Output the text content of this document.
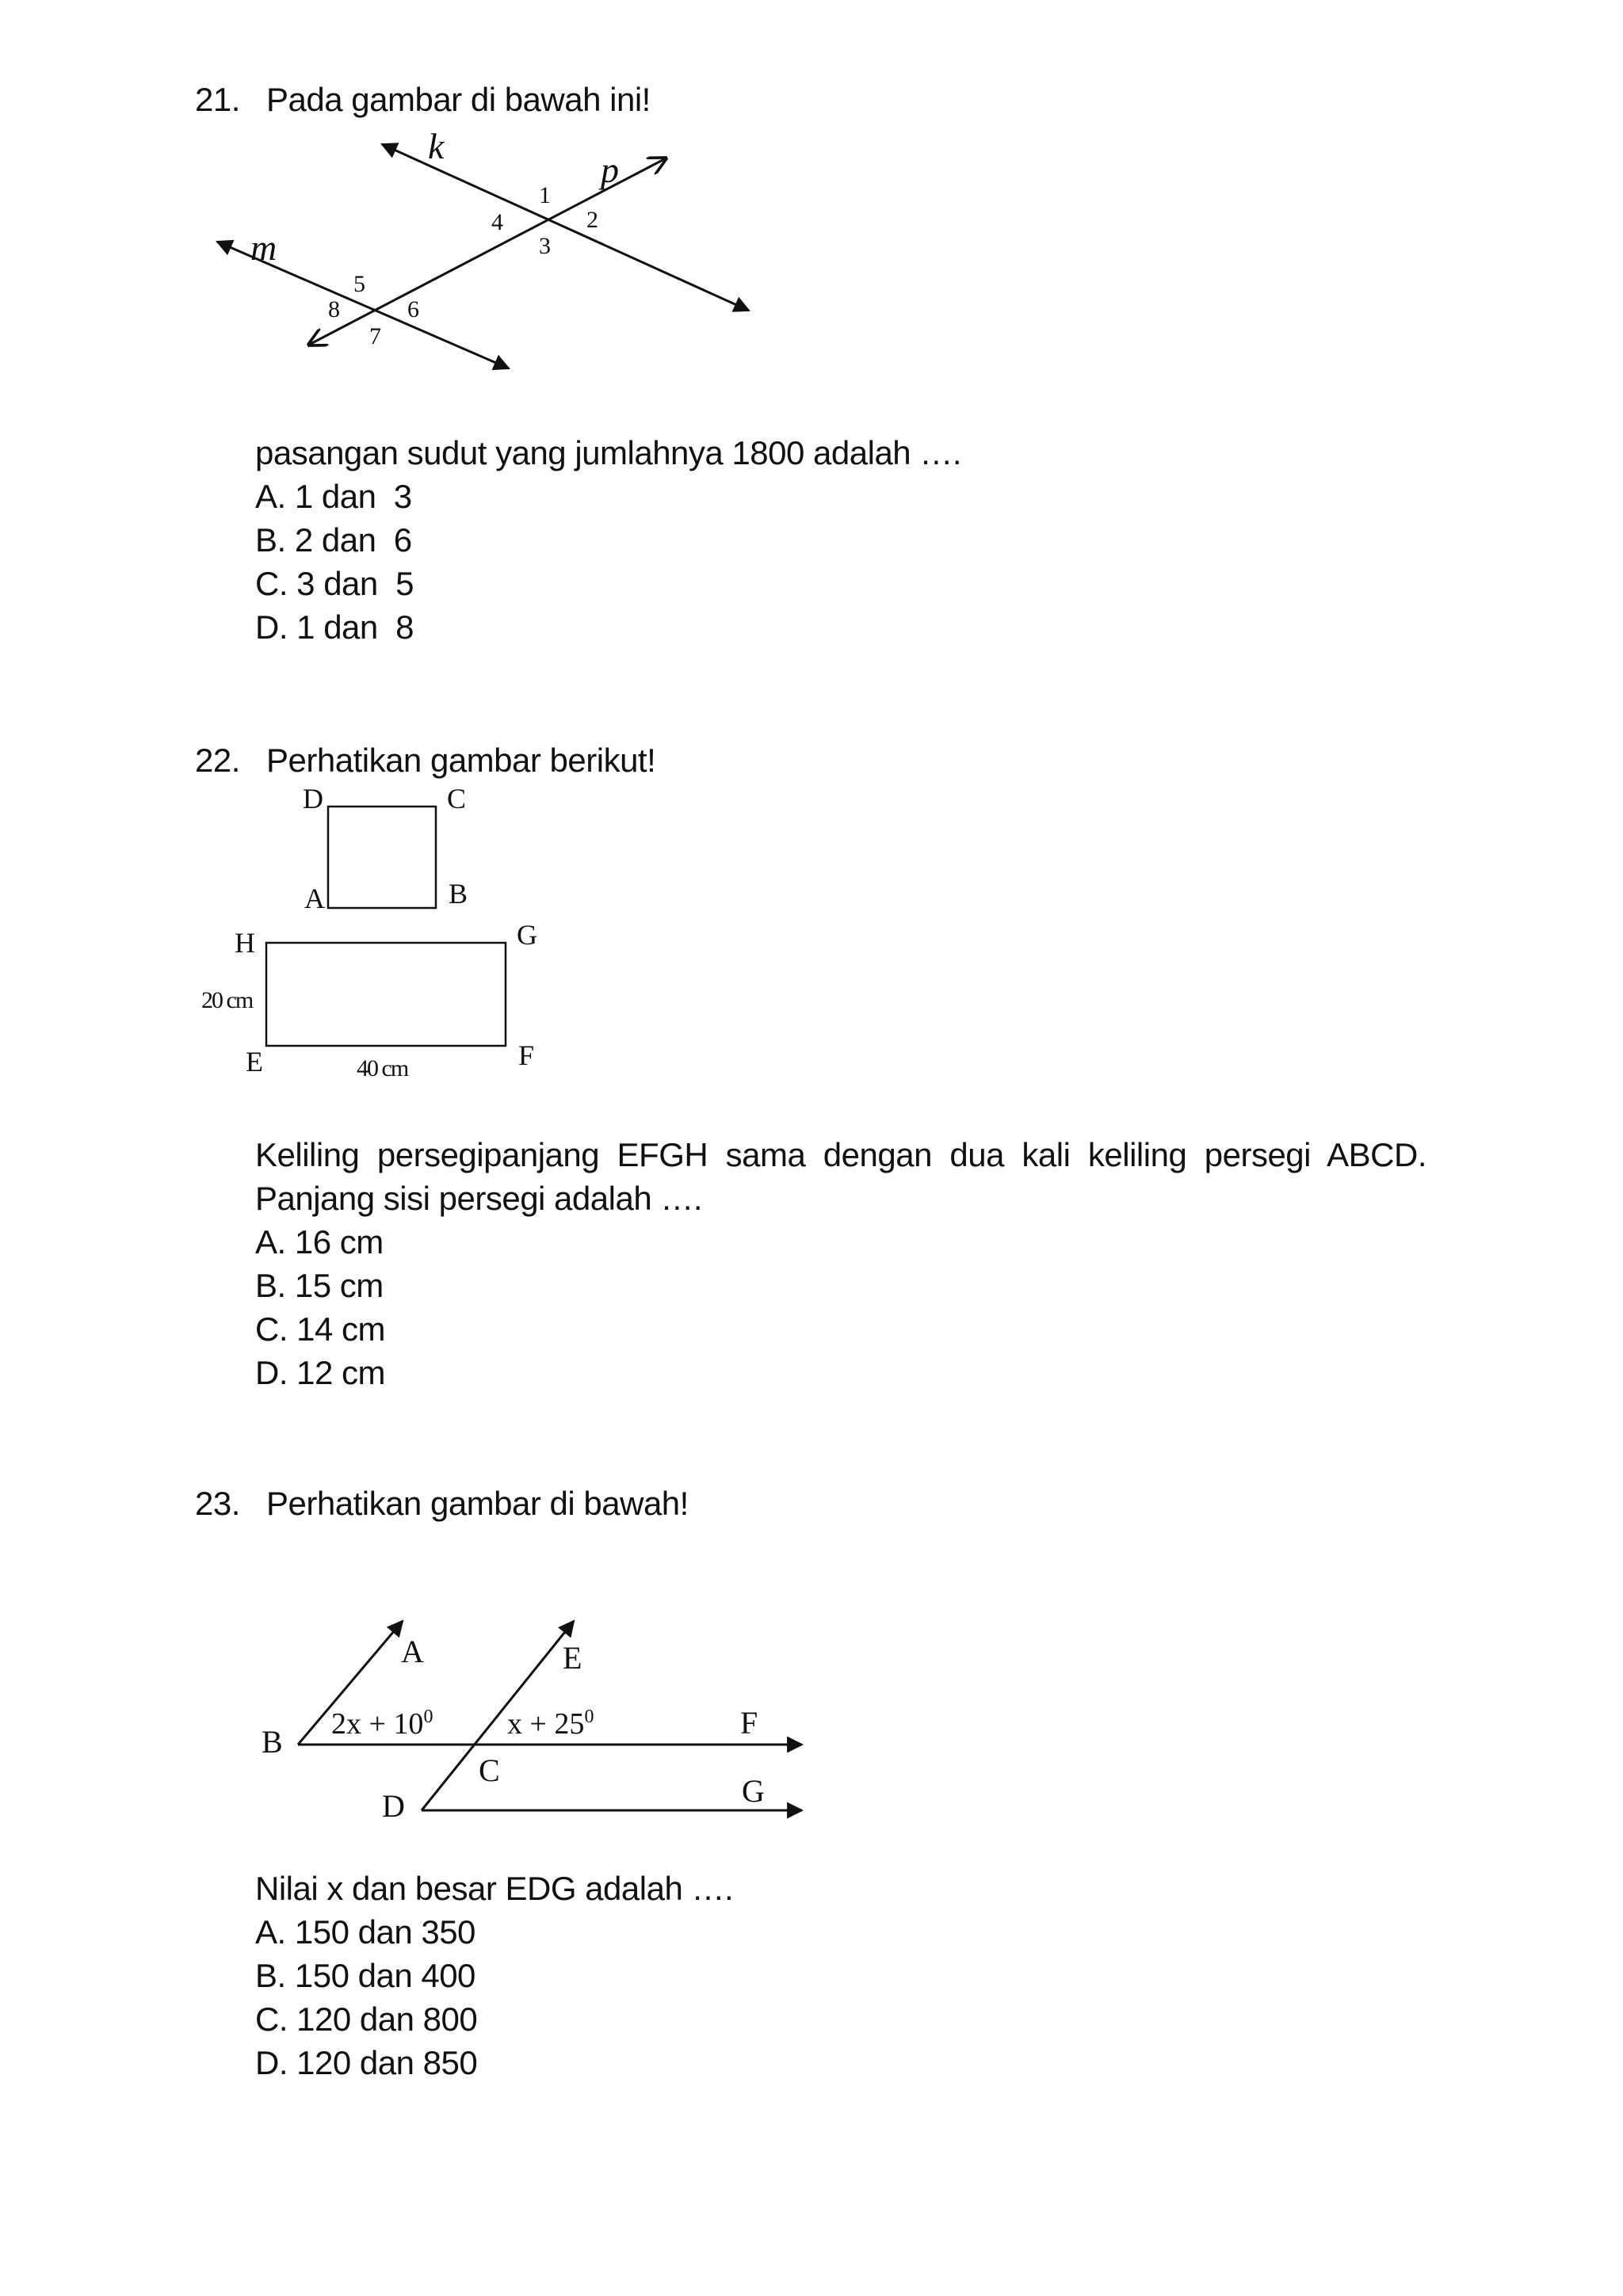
21. Pada gambar di bawah ini!
k
p
m
1
2
3
4
5
6
7
8
pasangan sudut yang jumlahnya 1800 adalah ….
A. 1 dan  3
B. 2 dan  6
C. 3 dan  5
D. 1 dan  8
22. Perhatikan gambar berikut!
D	C
A	B
H	G
E	F
20 cm
40 cm
Keliling persegipanjang EFGH sama dengan dua kali keliling persegi ABCD.
Panjang sisi persegi adalah ….
A. 16 cm
B. 15 cm
C. 14 cm
D. 12 cm
23. Perhatikan gambar di bawah!
A	E
B
F
C
D	G
$2x + 10^0$ $x + 25^0$
Nilai x dan besar EDG adalah ….
A. 150 dan 350
B. 150 dan 400
C. 120 dan 800
D. 120 dan 850
